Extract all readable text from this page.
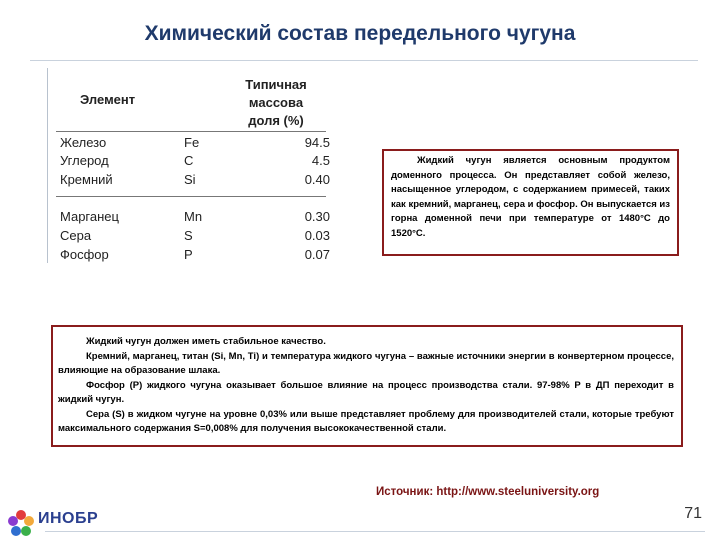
Химический состав передельного чугуна
Элемент
Типичная
массова
доля (%)
Железо	Fe	94.5
Углерод	C	4.5
Кремний	Si	0.40
Марганец	Mn	0.30
Сера	S	0.03
Фосфор	P	0.07
Жидкий чугун является основным продуктом доменного процесса. Он представляет собой железо, насыщенное углеродом, с содержанием примесей, таких как кремний, марганец, сера и фосфор. Он выпускается из горна доменной печи при температуре от 1480°C до 1520°C.

Жидкий чугун должен иметь стабильное качество.

Кремний, марганец, титан (Si, Mn, Ti) и температура жидкого чугуна – важные источники энергии в конвертерном процессе, влияющие на образование шлака.

Фосфор (P) жидкого чугуна оказывает большое влияние на процесс производства стали. 97-98% P в ДП переходит в жидкий чугун.

Сера (S) в жидком чугуне на уровне 0,03% или выше представляет проблему для производителей стали, которые требуют максимального содержания S=0,008% для получения высококачественной стали.

Источник: http://www.steeluniversity.org
71
ИНОБР
